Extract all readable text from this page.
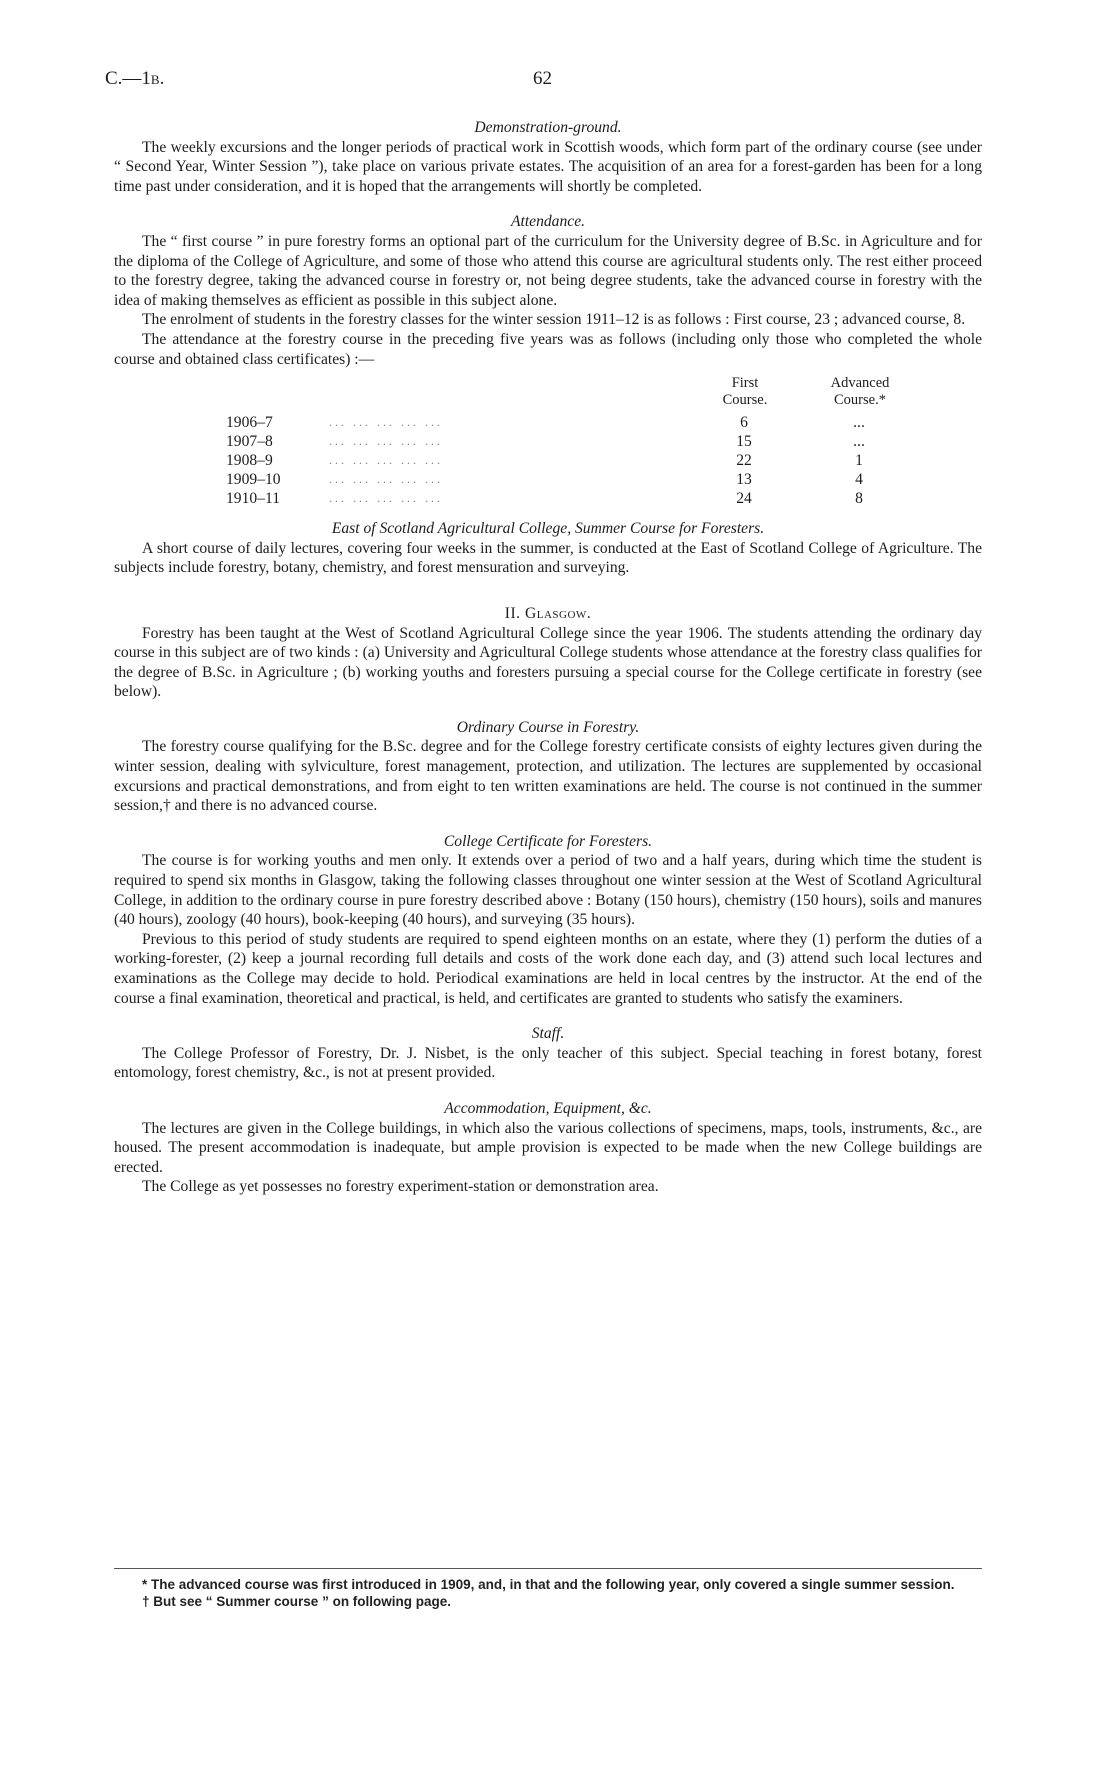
C.—1b.	62
Demonstration-ground.

The weekly excursions and the longer periods of practical work in Scottish woods, which form part of the ordinary course (see under “ Second Year, Winter Session ”), take place on various private estates. The acquisition of an area for a forest-garden has been for a long time past under consideration, and it is hoped that the arrangements will shortly be completed.

Attendance.

The “ first course ” in pure forestry forms an optional part of the curriculum for the University degree of B.Sc. in Agriculture and for the diploma of the College of Agriculture, and some of those who attend this course are agricultural students only. The rest either proceed to the forestry degree, taking the advanced course in forestry or, not being degree students, take the advanced course in forestry with the idea of making themselves as efficient as possible in this subject alone.

The enrolment of students in the forestry classes for the winter session 1911–12 is as follows : First course, 23 ; advanced course, 8.

The attendance at the forestry course in the preceding five years was as follows (including only those who completed the whole course and obtained class certificates) :—

First
Course.
Advanced
Course.*
1906–7	... ... ... ... ...	6	...
1907–8	... ... ... ... ...	15	...
1908–9	... ... ... ... ...	22	1
1909–10	... ... ... ... ...	13	4
1910–11	... ... ... ... ...	24	8
East of Scotland Agricultural College, Summer Course for Foresters.

A short course of daily lectures, covering four weeks in the summer, is conducted at the East of Scotland College of Agriculture. The subjects include forestry, botany, chemistry, and forest mensuration and surveying.

II. Glasgow.

Forestry has been taught at the West of Scotland Agricultural College since the year 1906. The students attending the ordinary day course in this subject are of two kinds : (a) University and Agricultural College students whose attendance at the forestry class qualifies for the degree of B.Sc. in Agriculture ; (b) working youths and foresters pursuing a special course for the College certificate in forestry (see below).

Ordinary Course in Forestry.

The forestry course qualifying for the B.Sc. degree and for the College forestry certificate consists of eighty lectures given during the winter session, dealing with sylviculture, forest management, protection, and utilization. The lectures are supplemented by occasional excursions and practical demonstrations, and from eight to ten written examinations are held. The course is not continued in the summer session,† and there is no advanced course.

College Certificate for Foresters.

The course is for working youths and men only. It extends over a period of two and a half years, during which time the student is required to spend six months in Glasgow, taking the following classes throughout one winter session at the West of Scotland Agricultural College, in addition to the ordinary course in pure forestry described above : Botany (150 hours), chemistry (150 hours), soils and manures (40 hours), zoology (40 hours), book-keeping (40 hours), and surveying (35 hours).

Previous to this period of study students are required to spend eighteen months on an estate, where they (1) perform the duties of a working-forester, (2) keep a journal recording full details and costs of the work done each day, and (3) attend such local lectures and examinations as the College may decide to hold. Periodical examinations are held in local centres by the instructor. At the end of the course a final examination, theoretical and practical, is held, and certificates are granted to students who satisfy the examiners.

Staff.

The College Professor of Forestry, Dr. J. Nisbet, is the only teacher of this subject. Special teaching in forest botany, forest entomology, forest chemistry, &c., is not at present provided.

Accommodation, Equipment, &c.

The lectures are given in the College buildings, in which also the various collections of specimens, maps, tools, instruments, &c., are housed. The present accommodation is inadequate, but ample provision is expected to be made when the new College buildings are erected.

The College as yet possesses no forestry experiment-station or demonstration area.

* The advanced course was first introduced in 1909, and, in that and the following year, only covered a single summer session.
† But see “ Summer course ” on following page.
